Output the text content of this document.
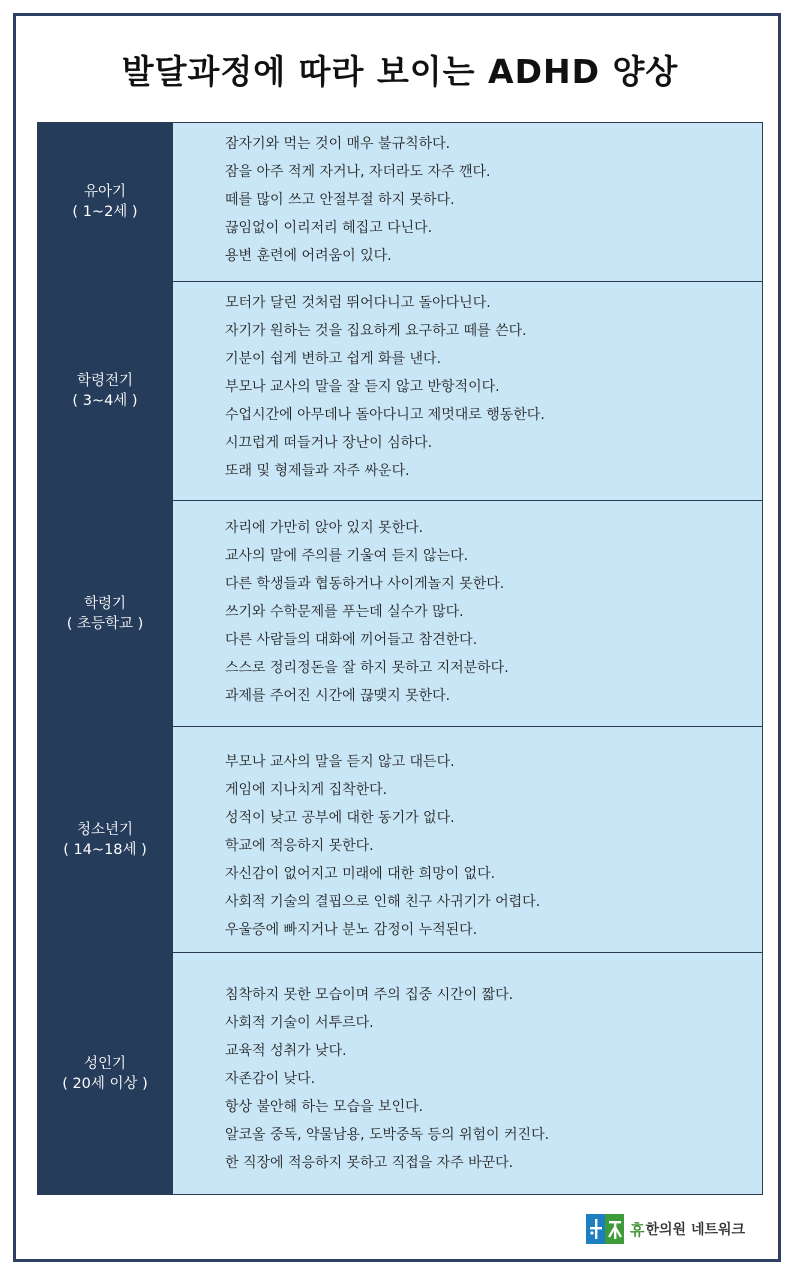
발달과정에 따라 보이는 ADHD 양상
유아기
( 1~2세 )
잠자기와 먹는 것이 매우 불규칙하다.
잠을 아주 적게 자거나, 자더라도 자주 깬다.
떼를 많이 쓰고 안절부절 하지 못하다.
끊임없이 이리저리 헤집고 다닌다.
용변 훈련에 어려움이 있다.
학령전기
( 3~4세 )
모터가 달린 것처럼 뛰어다니고 돌아다닌다.
자기가 원하는 것을 집요하게 요구하고 떼를 쓴다.
기분이 쉽게 변하고 쉽게 화를 낸다.
부모나 교사의 말을 잘 듣지 않고 반항적이다.
수업시간에 아무데나 돌아다니고 제멋대로 행동한다.
시끄럽게 떠들거나 장난이 심하다.
또래 및 형제들과 자주 싸운다.
학령기
( 초등학교 )
자리에 가만히 앉아 있지 못한다.
교사의 말에 주의를 기울여 듣지 않는다.
다른 학생들과 협동하거나 사이게놀지 못한다.
쓰기와 수학문제를 푸는데 실수가 많다.
다른 사람들의 대화에 끼어들고 참견한다.
스스로 정리정돈을 잘 하지 못하고 지저분하다.
과제를 주어진 시간에 끊맺지 못한다.
청소년기
( 14~18세 )
부모나 교사의 말을 듣지 않고 대든다.
게임에 지나치게 집착한다.
성적이 낮고 공부에 대한 동기가 없다.
학교에 적응하지 못한다.
자신감이 없어지고 미래에 대한 희망이 없다.
사회적 기술의 결핍으로 인해 친구 사귀기가 어렵다.
우울증에 빠지거나 분노 감정이 누적된다.
성인기
( 20세 이상 )
침착하지 못한 모습이며 주의 집중 시간이 짧다.
사회적 기술이 서투르다.
교육적 성취가 낮다.
자존감이 낮다.
항상 불안해 하는 모습을 보인다.
알코올 중독, 약물남용, 도박중독 등의 위험이 커진다.
한 직장에 적응하지 못하고 직접을 자주 바꾼다.
휴 한의원 네트워크
